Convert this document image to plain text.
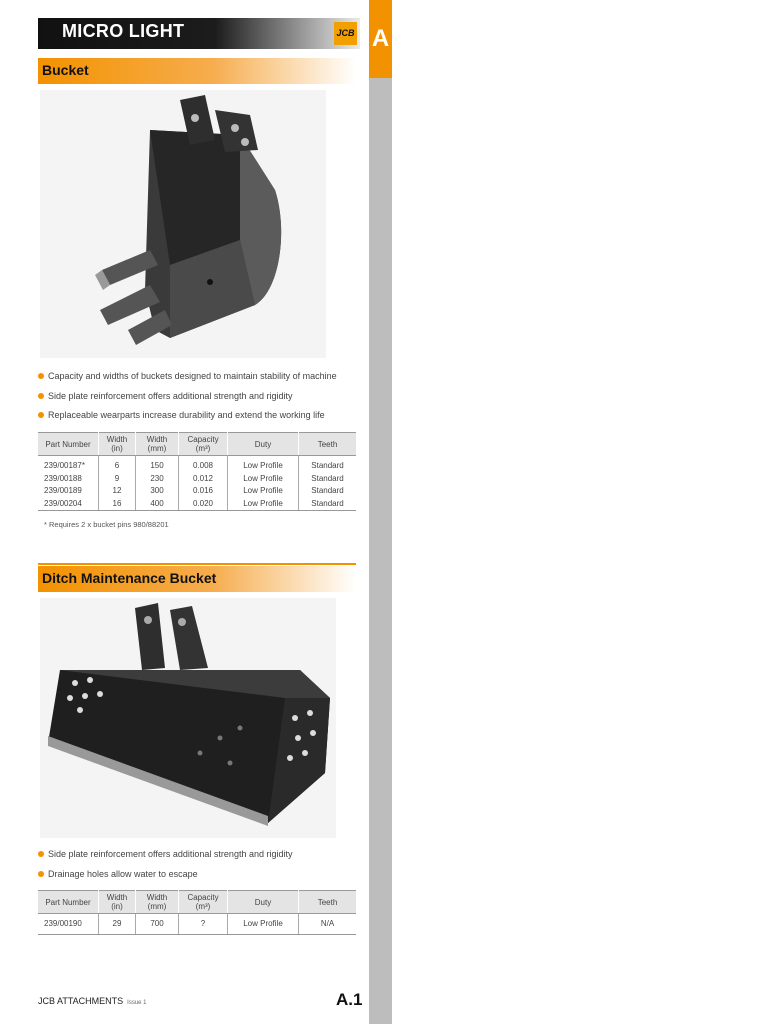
A
MICRO LIGHT	JCB
Bucket
Capacity and widths of buckets designed to maintain stability of machine
Side plate reinforcement offers additional strength and rigidity
Replaceable wearparts increase durability and extend the working life
Part Number	Width (in)	Width (mm)	Capacity (m³)	Duty	Teeth
239/00187*	6	150	0.008	Low Profile	Standard
239/00188	9	230	0.012	Low Profile	Standard
239/00189	12	300	0.016	Low Profile	Standard
239/00204	16	400	0.020	Low Profile	Standard
* Requires 2 x bucket pins 980/88201
Ditch Maintenance Bucket
Side plate reinforcement offers additional strength and rigidity
Drainage holes allow water to escape
Part Number	Width (in)	Width (mm)	Capacity (m³)	Duty	Teeth
239/00190	29	700	?	Low Profile	N/A
JCB ATTACHMENTS Issue 1	A.1
